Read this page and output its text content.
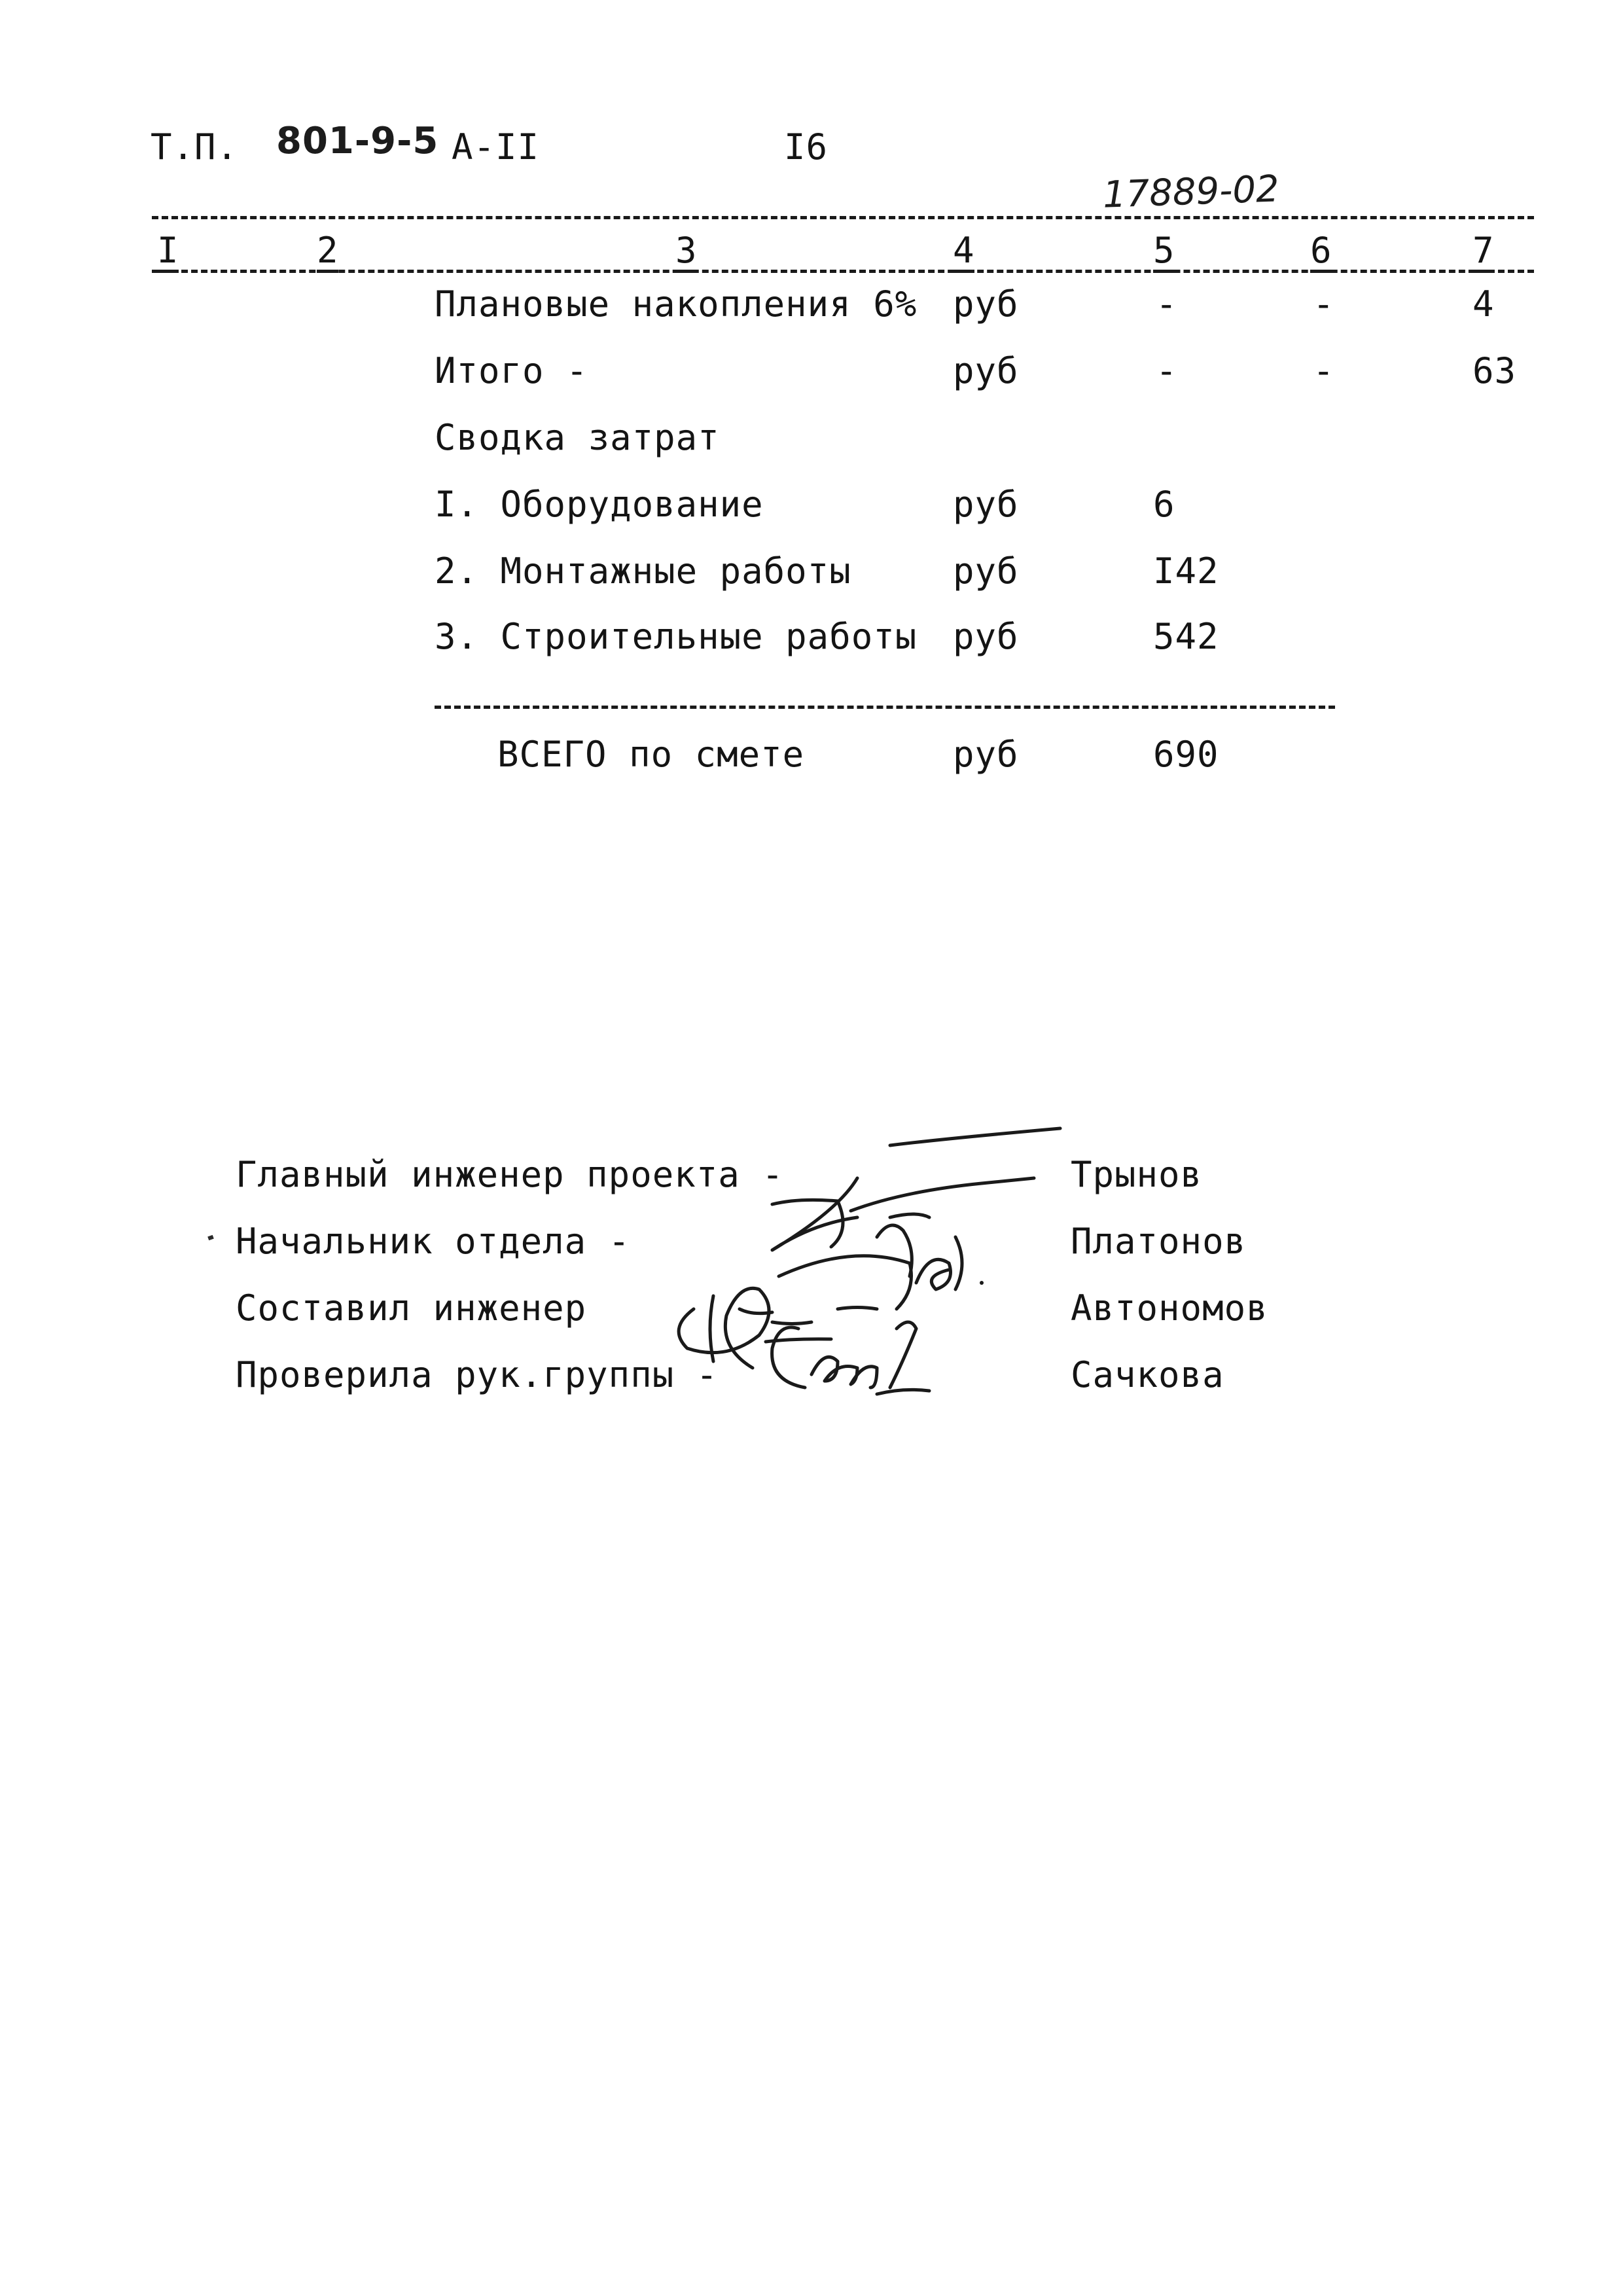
Т.П. 801-9-5 А-II	I6
17889-02
I	2	3	4	5	6	7
Плановые накопления 6% руб	-	-	4
Итого -	руб	-	-	63
Сводка затрат
I. Оборудование	руб	6
2. Монтажные работы	руб	I42
3. Строительные работы руб	542
ВСЕГО по смете	руб	690
Главный инженер проекта -	Трынов
Начальник отдела -	Платонов
Составил инженер	Автономов
Проверила рук.группы -	Сачкова
